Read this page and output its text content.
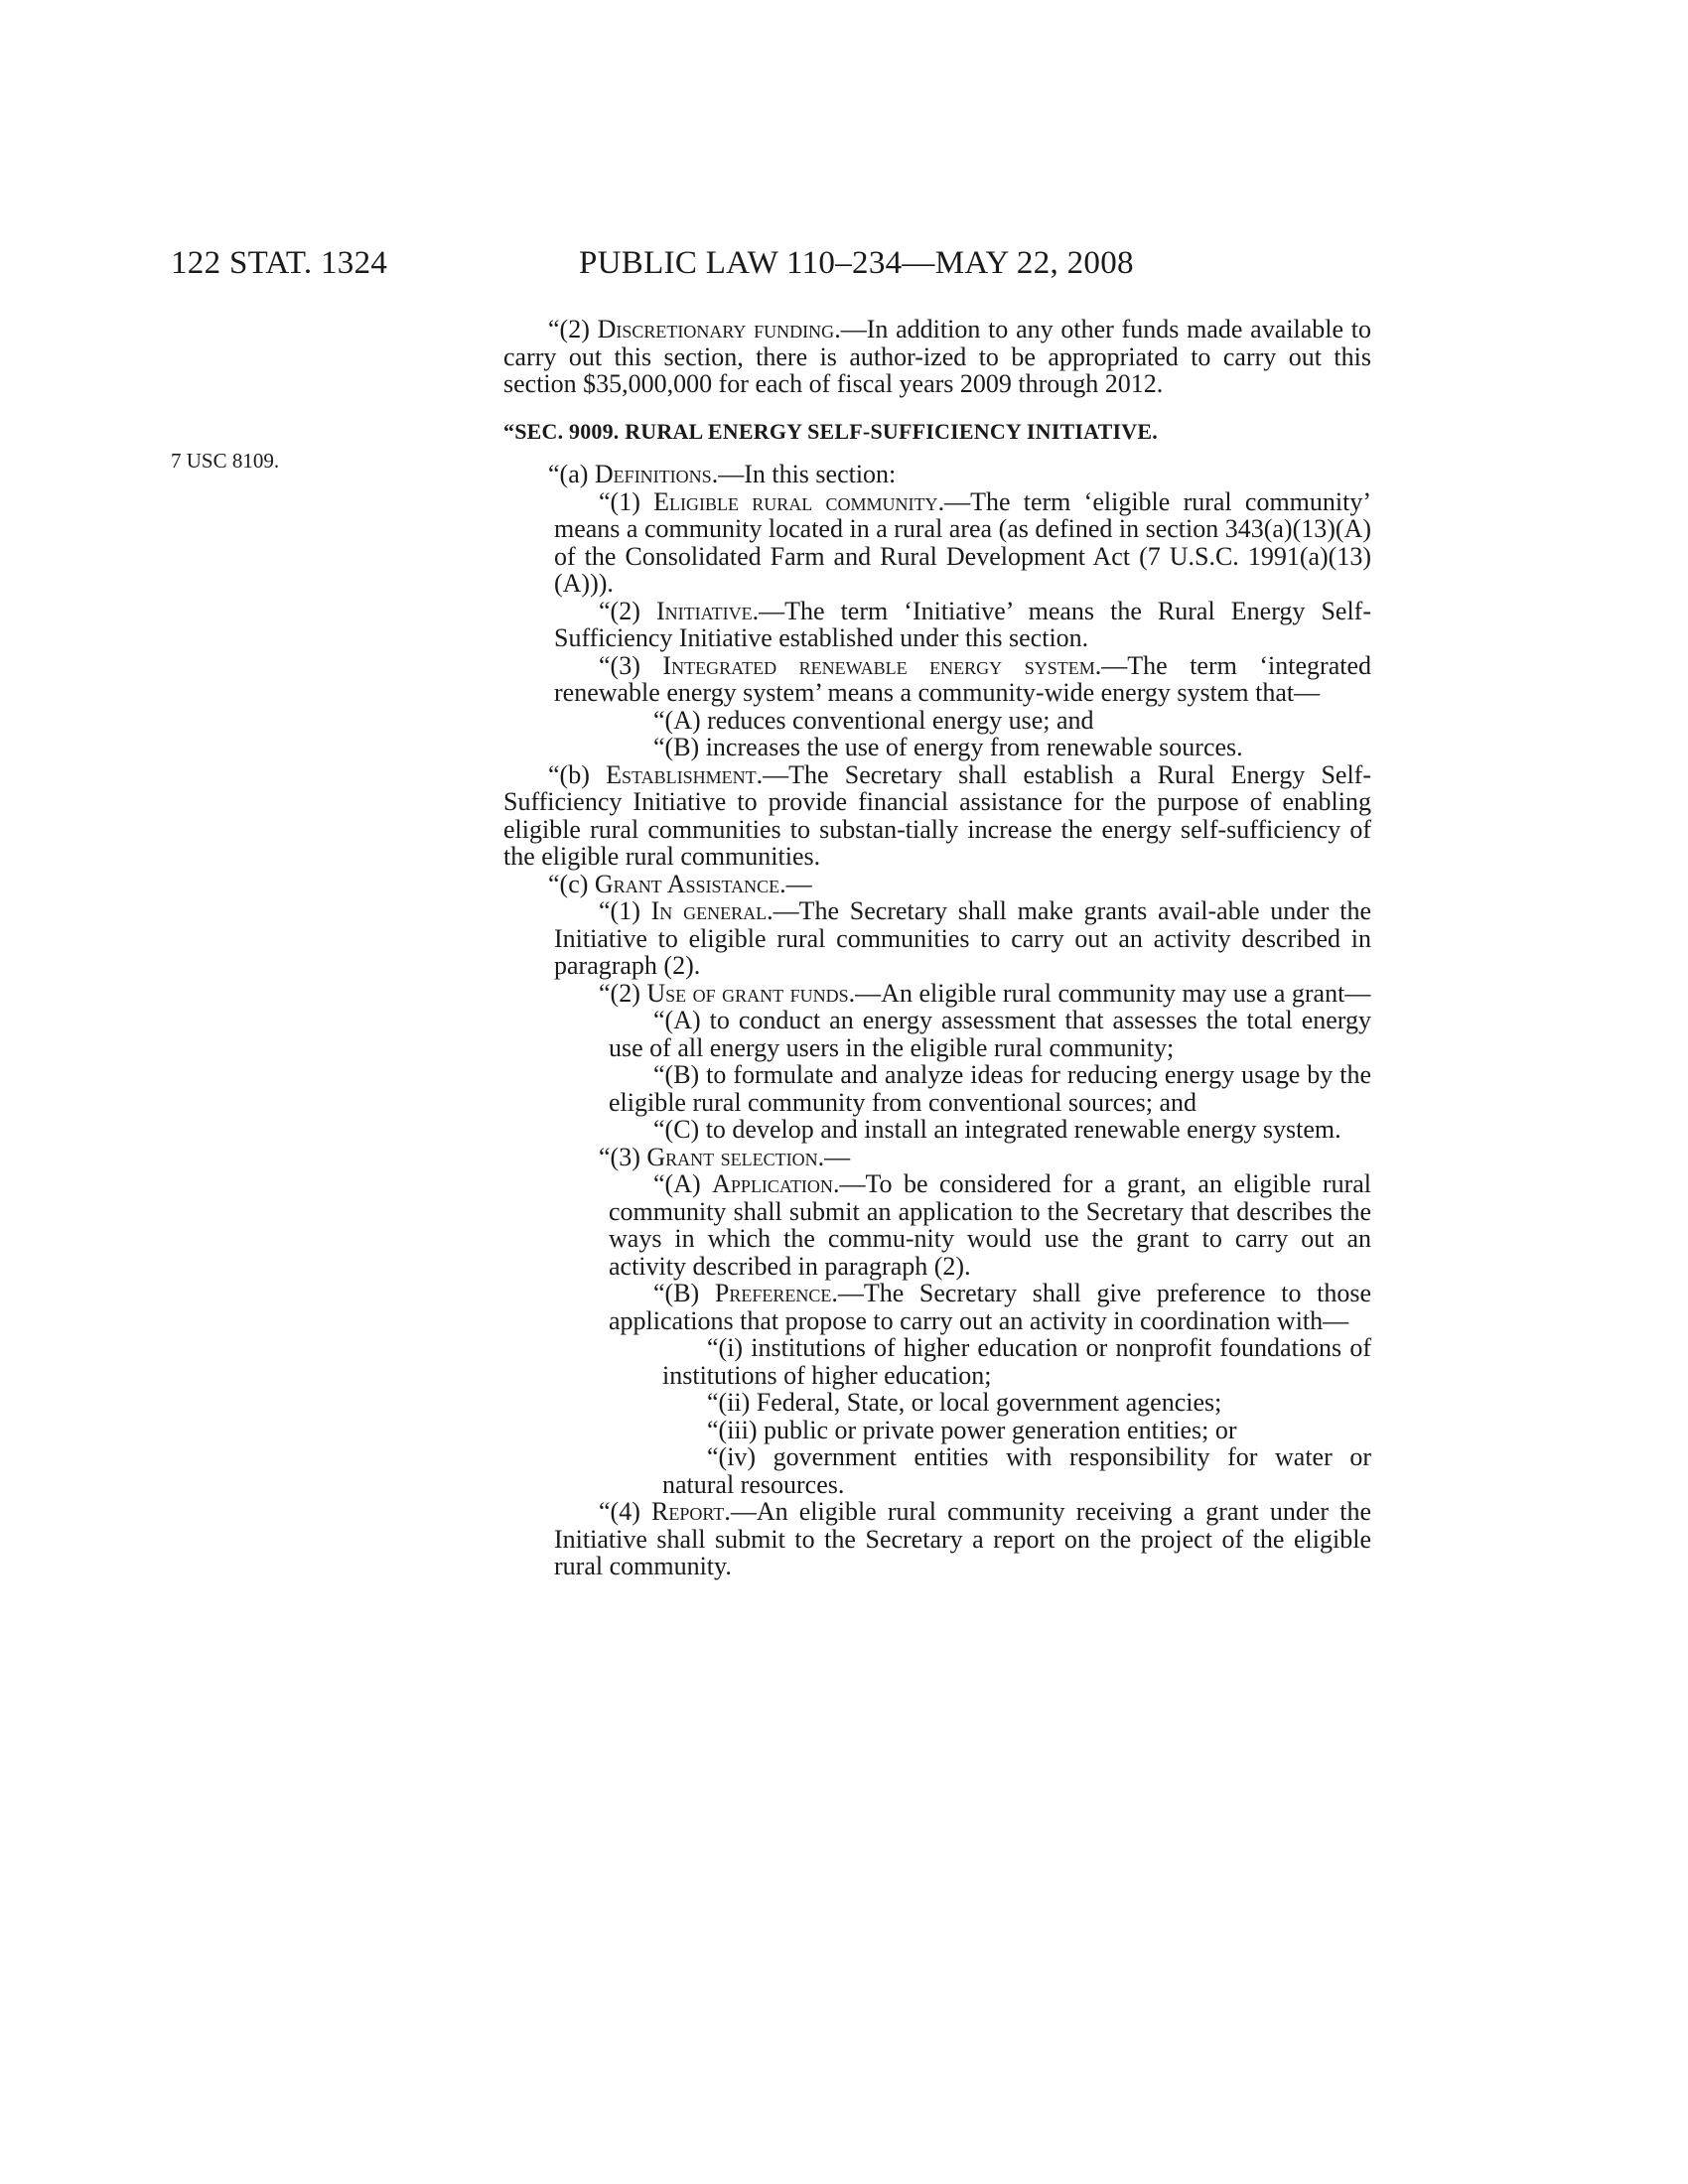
122 STAT. 1324	PUBLIC LAW 110–234—MAY 22, 2008
7 USC 8109.

“(2) Discretionary funding.—In addition to any other funds made available to carry out this section, there is author-ized to be appropriated to carry out this section $35,000,000 for each of fiscal years 2009 through 2012.

“SEC. 9009. RURAL ENERGY SELF-SUFFICIENCY INITIATIVE.

“(a) Definitions.—In this section:

“(1) Eligible rural community.—The term ‘eligible rural community’ means a community located in a rural area (as defined in section 343(a)(13)(A) of the Consolidated Farm and Rural Development Act (7 U.S.C. 1991(a)(13)(A))).

“(2) Initiative.—The term ‘Initiative’ means the Rural Energy Self-Sufficiency Initiative established under this section.

“(3) Integrated renewable energy system.—The term ‘integrated renewable energy system’ means a community-wide energy system that—

“(A) reduces conventional energy use; and

“(B) increases the use of energy from renewable sources.

“(b) Establishment.—The Secretary shall establish a Rural Energy Self-Sufficiency Initiative to provide financial assistance for the purpose of enabling eligible rural communities to substan-tially increase the energy self-sufficiency of the eligible rural communities.

“(c) Grant Assistance.—

“(1) In general.—The Secretary shall make grants avail-able under the Initiative to eligible rural communities to carry out an activity described in paragraph (2).

“(2) Use of grant funds.—An eligible rural community may use a grant—

“(A) to conduct an energy assessment that assesses the total energy use of all energy users in the eligible rural community;

“(B) to formulate and analyze ideas for reducing energy usage by the eligible rural community from conventional sources; and

“(C) to develop and install an integrated renewable energy system.

“(3) Grant selection.—

“(A) Application.—To be considered for a grant, an eligible rural community shall submit an application to the Secretary that describes the ways in which the commu-nity would use the grant to carry out an activity described in paragraph (2).

“(B) Preference.—The Secretary shall give preference to those applications that propose to carry out an activity in coordination with—

“(i) institutions of higher education or nonprofit foundations of institutions of higher education;

“(ii) Federal, State, or local government agencies;

“(iii) public or private power generation entities; or

“(iv) government entities with responsibility for water or natural resources.

“(4) Report.—An eligible rural community receiving a grant under the Initiative shall submit to the Secretary a report on the project of the eligible rural community.
